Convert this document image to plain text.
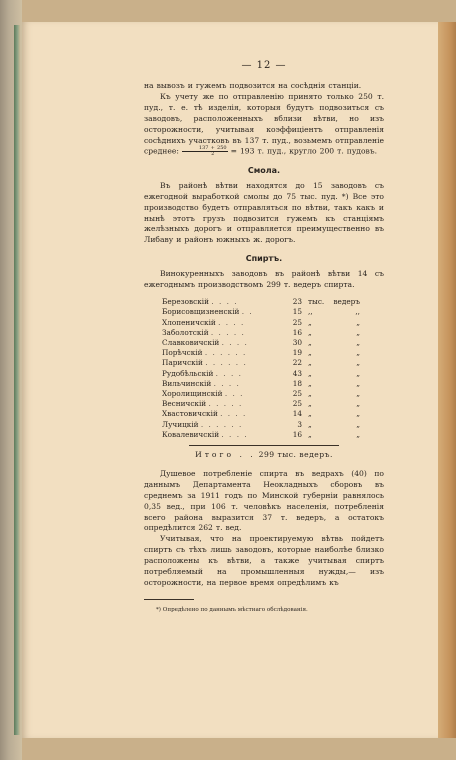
— 12 —

на вывозъ и гужемъ подвозится на сосѣднія станціи.

Къ учету же по отправленію принято только 250 т. пуд., т. е. тѣ изделія, которыя будутъ подвозиться съ заводовъ, расположенныхъ вблизи вѣтви, но изъ осторожности, учитывая коэффиціентъ отправленія сосѣднихъ участковъ въ 137 т. пуд., возьмемъ отправленіе среднее: $\frac{137 + 250}{2} = 193$ т. пуд., кругло 200 т. пудовъ.

Смола.

Въ районѣ вѣтви находятся до 15 заводовъ съ ежегодной выработкой смолы до 75 тыс. пуд. *) Все это производство будетъ отправляться по вѣтви, такъ какъ и нынѣ этотъ грузъ подвозится гужемъ къ станціямъ желѣзныхъ дорогъ и отправляется преимущественно въ Либаву и районъ южныхъ ж. дорогъ.

Спиртъ.

Винокуренныхъ заводовъ въ районѣ вѣтви 14 съ ежегоднымъ производствомъ 299 т. ведеръ спирта.

Березовскій . . . .	23	тыс.	ведеръ
Борисовщизненскій . .	15	,,	,,
Хлопеничскій . . . .	25	„	„
Заболотскій . . . . .	16	„	„
Славковичскій . . . .	30	„	„
Порѣчскій . . . . . .	19	„	„
Паричскій . . . . . .	22	„	„
Рудобѣльскій . . . .	43	„	„
Вильчинскій . . . .	18	„	„
Хоролищинскій . . .	25	„	„
Весничскій . . . . .	25	„	„
Хвастовичскій . . . .	14	„	„
Лучицкій . . . . . .	3	„	„
Ковалевичскій . . . .	16	„	„
Итого . . 299 тыс. ведеръ.

Душевое потребленіе спирта въ ведрахъ (40) по даннымъ Департамента Неокладныхъ сборовъ въ среднемъ за 1911 годъ по Минской губерніи равнялось 0,35 вед., при 106 т. человѣкъ населенія, потребленія всего района выразится 37 т. ведеръ, а остатокъ опредѣлится 262 т. вед.

Учитывая, что на проектируемую вѣтвь пойдетъ спиртъ съ тѣхъ лишь заводовъ, которые наиболѣе близко расположены къ вѣтви, а также учитывая спиртъ потребляемый на промышленныя нужды,— изъ осторожности, на первое время опредѣлимъ къ

*) Опредѣлено по даннымъ мѣстнаго обслѣдованія.
